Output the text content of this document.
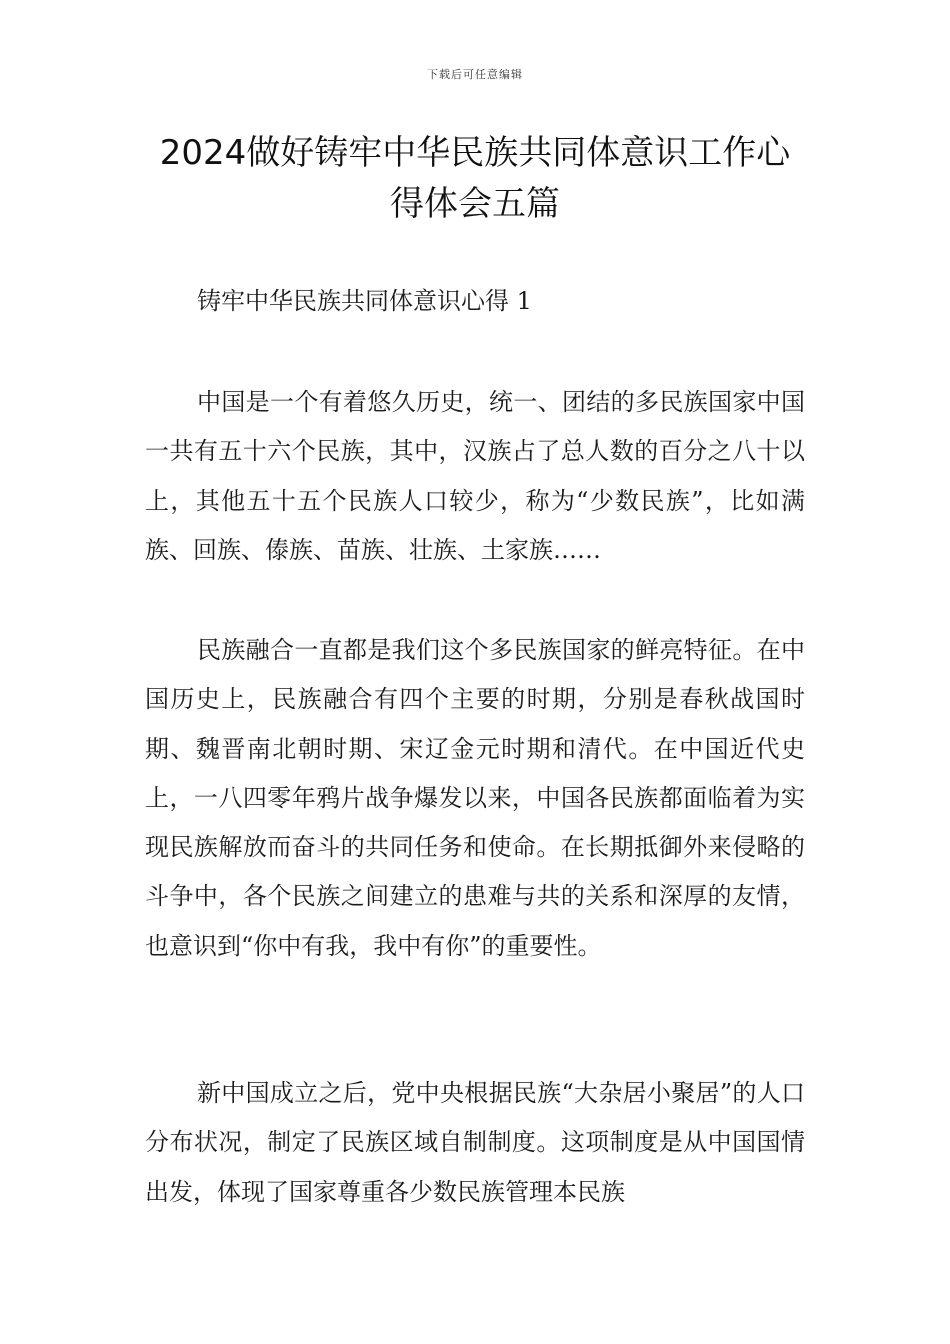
下载后可任意编辑
2024做好铸牢中华民族共同体意识工作心得体会五篇
铸牢中华民族共同体意识心得 1

中国是一个有着悠久历史，统一、团结的多民族国家中国一共有五十六个民族，其中，汉族占了总人数的百分之八十以上，其他五十五个民族人口较少，称为“少数民族”，比如满族、回族、傣族、苗族、壮族、土家族……

民族融合一直都是我们这个多民族国家的鲜亮特征。在中国历史上，民族融合有四个主要的时期，分别是春秋战国时期、魏晋南北朝时期、宋辽金元时期和清代。在中国近代史上，一八四零年鸦片战争爆发以来，中国各民族都面临着为实现民族解放而奋斗的共同任务和使命。在长期抵御外来侵略的斗争中，各个民族之间建立的患难与共的关系和深厚的友情，也意识到“你中有我，我中有你”的重要性。

新中国成立之后，党中央根据民族“大杂居小聚居”的人口分布状况，制定了民族区域自制制度。这项制度是从中国国情出发，体现了国家尊重各少数民族管理本民族
